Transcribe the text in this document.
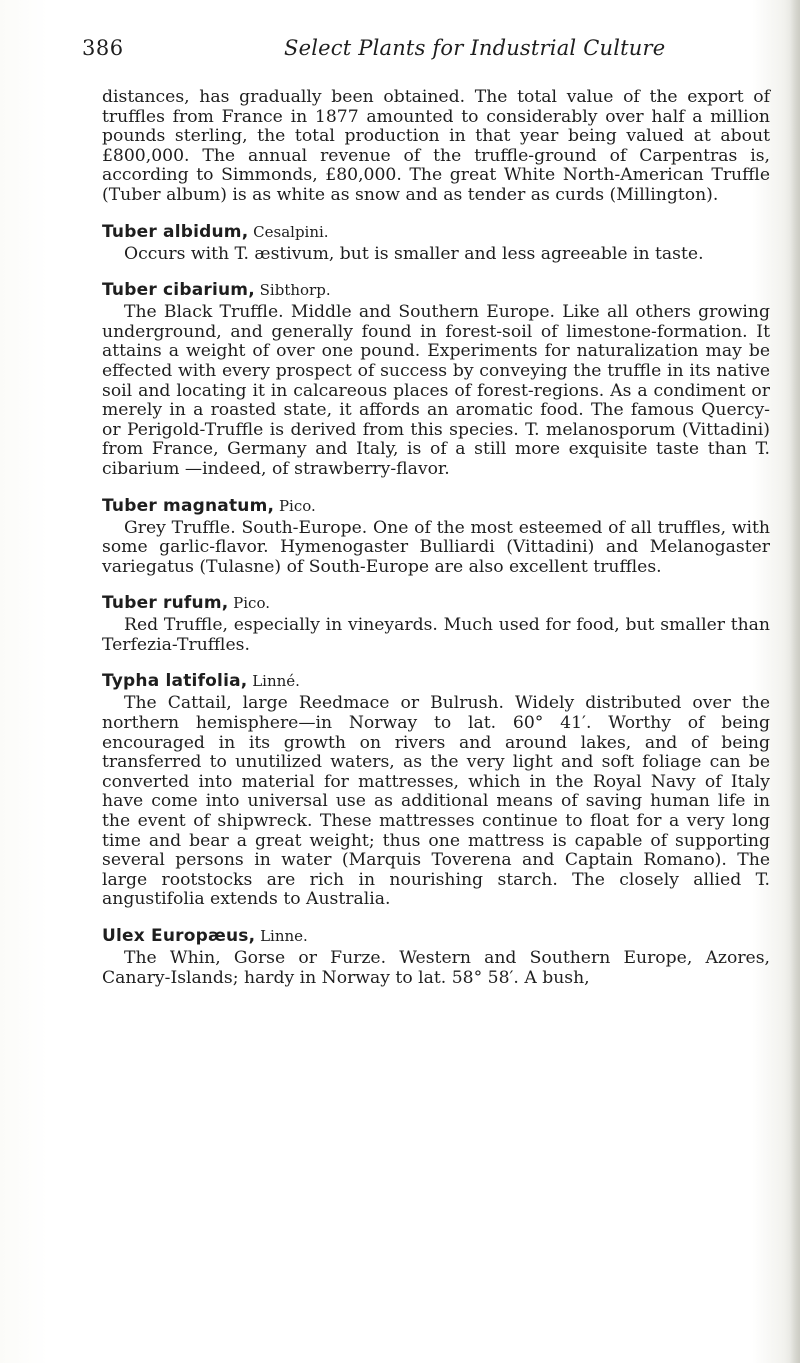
386	Select Plants for Industrial Culture

distances, has gradually been obtained. The total value of the export of truffles from France in 1877 amounted to considerably over half a million pounds sterling, the total production in that year being valued at about £800,000. The annual revenue of the truffle-ground of Carpentras is, according to Simmonds, £80,000. The great White North-American Truffle (Tuber album) is as white as snow and as tender as curds (Millington).

Tuber albidum, Cesalpini.

Occurs with T. æstivum, but is smaller and less agreeable in taste.

Tuber cibarium, Sibthorp.

The Black Truffle. Middle and Southern Europe. Like all others growing underground, and generally found in forest-soil of limestone-formation. It attains a weight of over one pound. Experiments for naturalization may be effected with every prospect of success by conveying the truffle in its native soil and locating it in calcareous places of forest-regions. As a condiment or merely in a roasted state, it affords an aromatic food. The famous Quercy- or Perigold-Truffle is derived from this species. T. melanosporum (Vittadini) from France, Germany and Italy, is of a still more exquisite taste than T. cibarium —indeed, of strawberry-flavor.

Tuber magnatum, Pico.

Grey Truffle. South-Europe. One of the most esteemed of all truffles, with some garlic-flavor. Hymenogaster Bulliardi (Vittadini) and Melanogaster variegatus (Tulasne) of South-Europe are also excellent truffles.

Tuber rufum, Pico.

Red Truffle, especially in vineyards. Much used for food, but smaller than Terfezia-Truffles.

Typha latifolia, Linné.

The Cattail, large Reedmace or Bulrush. Widely distributed over the northern hemisphere—in Norway to lat. 60° 41′. Worthy of being encouraged in its growth on rivers and around lakes, and of being transferred to unutilized waters, as the very light and soft foliage can be converted into material for mattresses, which in the Royal Navy of Italy have come into universal use as additional means of saving human life in the event of shipwreck. These mattresses continue to float for a very long time and bear a great weight; thus one mattress is capable of supporting several persons in water (Marquis Toverena and Captain Romano). The large rootstocks are rich in nourishing starch. The closely allied T. angustifolia extends to Australia.

Ulex Europæus, Linne.

The Whin, Gorse or Furze. Western and Southern Europe, Azores, Canary-Islands; hardy in Norway to lat. 58° 58′. A bush,
